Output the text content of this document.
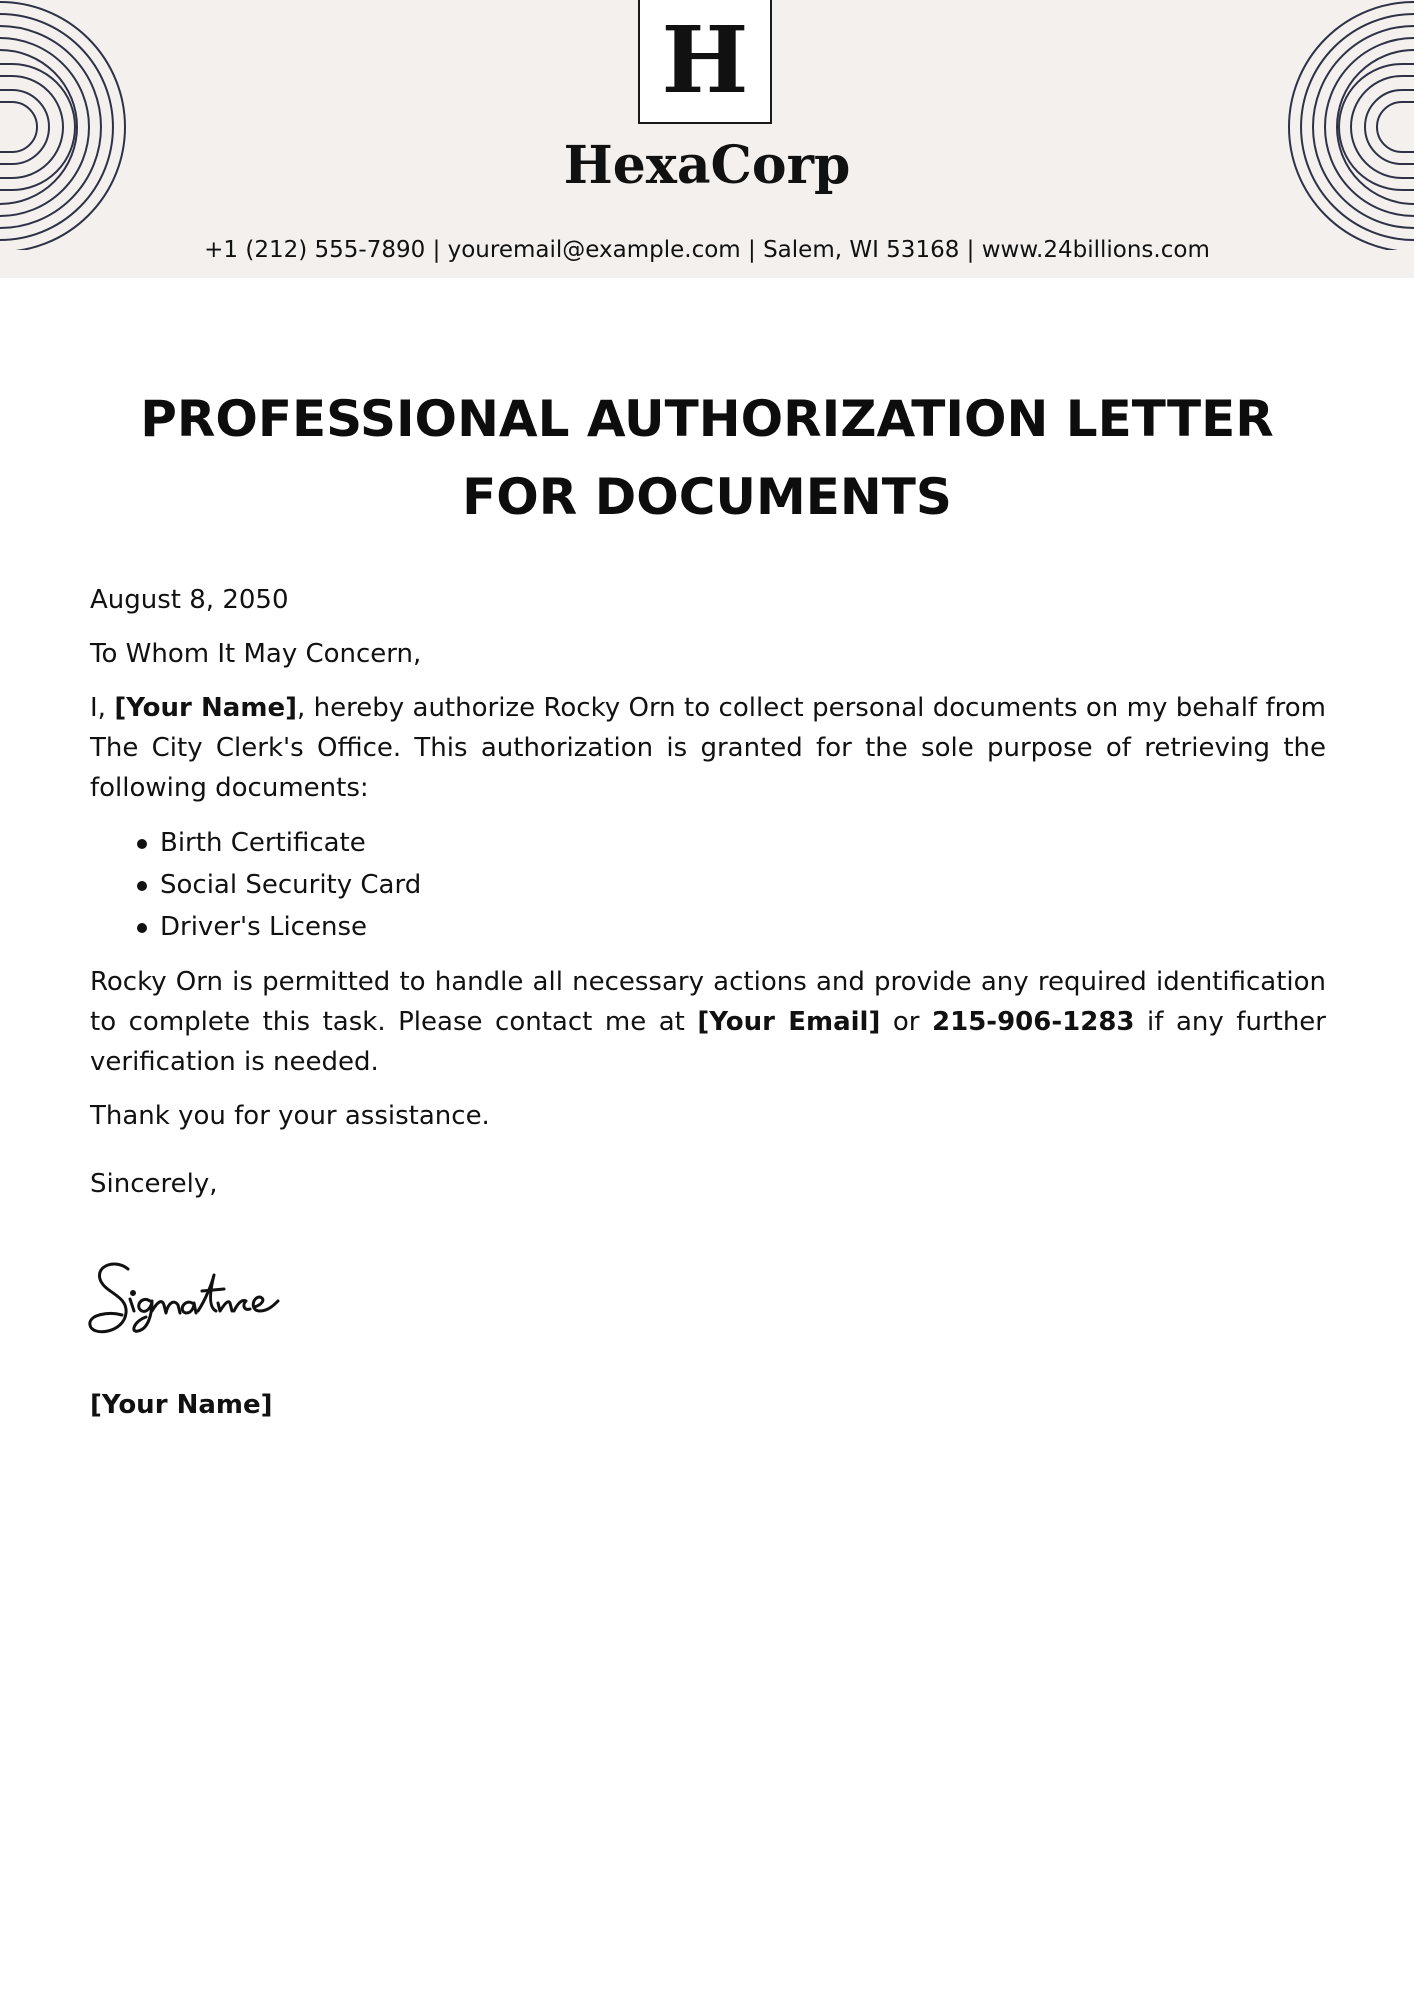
H
HexaCorp
+1 (212) 555-7890 | youremail@example.com | Salem, WI 53168 | www.24billions.com
PROFESSIONAL AUTHORIZATION LETTER
FOR DOCUMENTS

August 8, 2050

To Whom It May Concern,

I, [Your Name], hereby authorize Rocky Orn to collect personal documents on my behalf from The City Clerk's Office. This authorization is granted for the sole purpose of retrieving the following documents:

Birth Certificate
Social Security Card
Driver's License

Rocky Orn is permitted to handle all necessary actions and provide any required identification to complete this task. Please contact me at [Your Email] or 215-906-1283 if any further verification is needed.

Thank you for your assistance.

Sincerely,

[Your Name]
